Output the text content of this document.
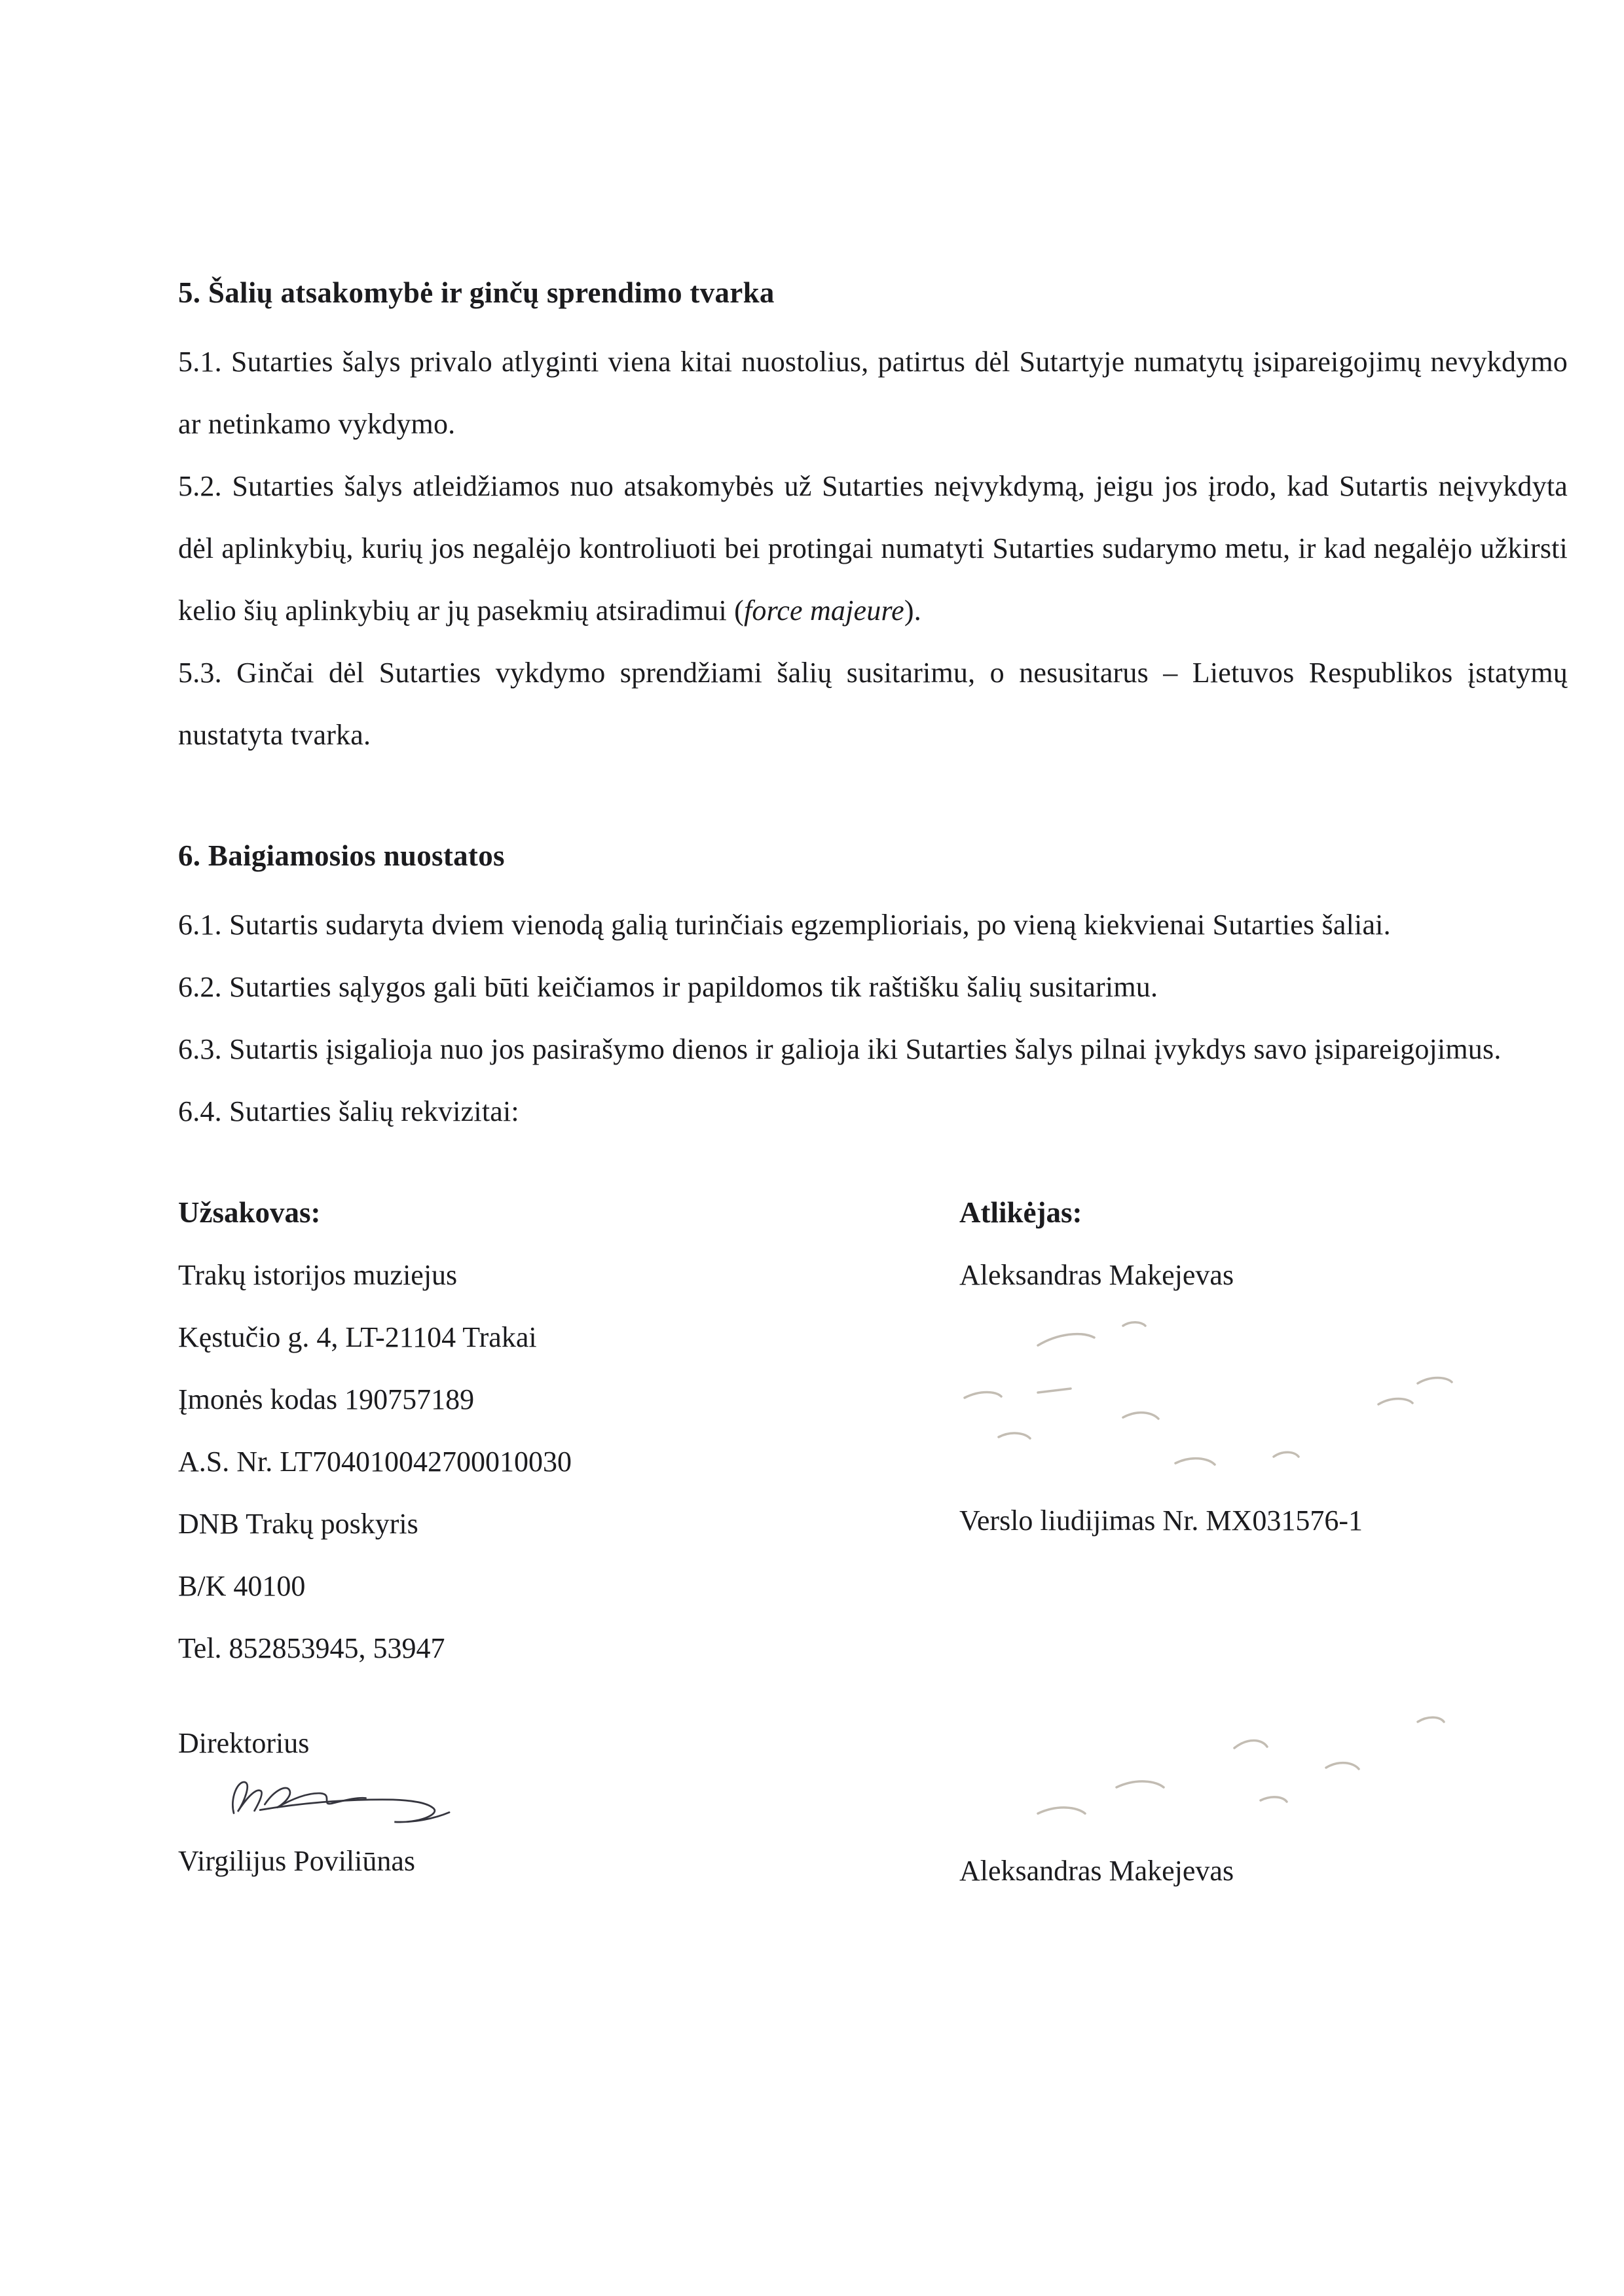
5. Šalių atsakomybė ir ginčų sprendimo tvarka

5.1. Sutarties šalys privalo atlyginti viena kitai nuostolius, patirtus dėl Sutartyje numatytų įsipareigojimų nevykdymo ar netinkamo vykdymo.

5.2. Sutarties šalys atleidžiamos nuo atsakomybės už Sutarties neįvykdymą, jeigu jos įrodo, kad Sutartis neįvykdyta dėl aplinkybių, kurių jos negalėjo kontroliuoti bei protingai numatyti Sutarties sudarymo metu, ir kad negalėjo užkirsti kelio šių aplinkybių ar jų pasekmių atsiradimui (force majeure).

5.3. Ginčai dėl Sutarties vykdymo sprendžiami šalių susitarimu, o nesusitarus – Lietuvos Respublikos įstatymų nustatyta tvarka.

6. Baigiamosios nuostatos

6.1. Sutartis sudaryta dviem vienodą galią turinčiais egzemplioriais, po vieną kiekvienai Sutarties šaliai.

6.2. Sutarties sąlygos gali būti keičiamos ir papildomos tik raštišku šalių susitarimu.

6.3. Sutartis įsigalioja nuo jos pasirašymo dienos ir galioja iki Sutarties šalys pilnai įvykdys savo įsipareigojimus.

6.4. Sutarties šalių rekvizitai:

Užsakovas:

Trakų istorijos muziejus

Kęstučio g. 4, LT-21104 Trakai

Įmonės kodas 190757189

A.S. Nr. LT704010042700010030

DNB Trakų poskyris

B/K 40100

Tel. 852853945, 53947

Direktorius

Virgilijus Poviliūnas

Atlikėjas:

Aleksandras Makejevas

Verslo liudijimas Nr. MX031576-1

Aleksandras Makejevas
